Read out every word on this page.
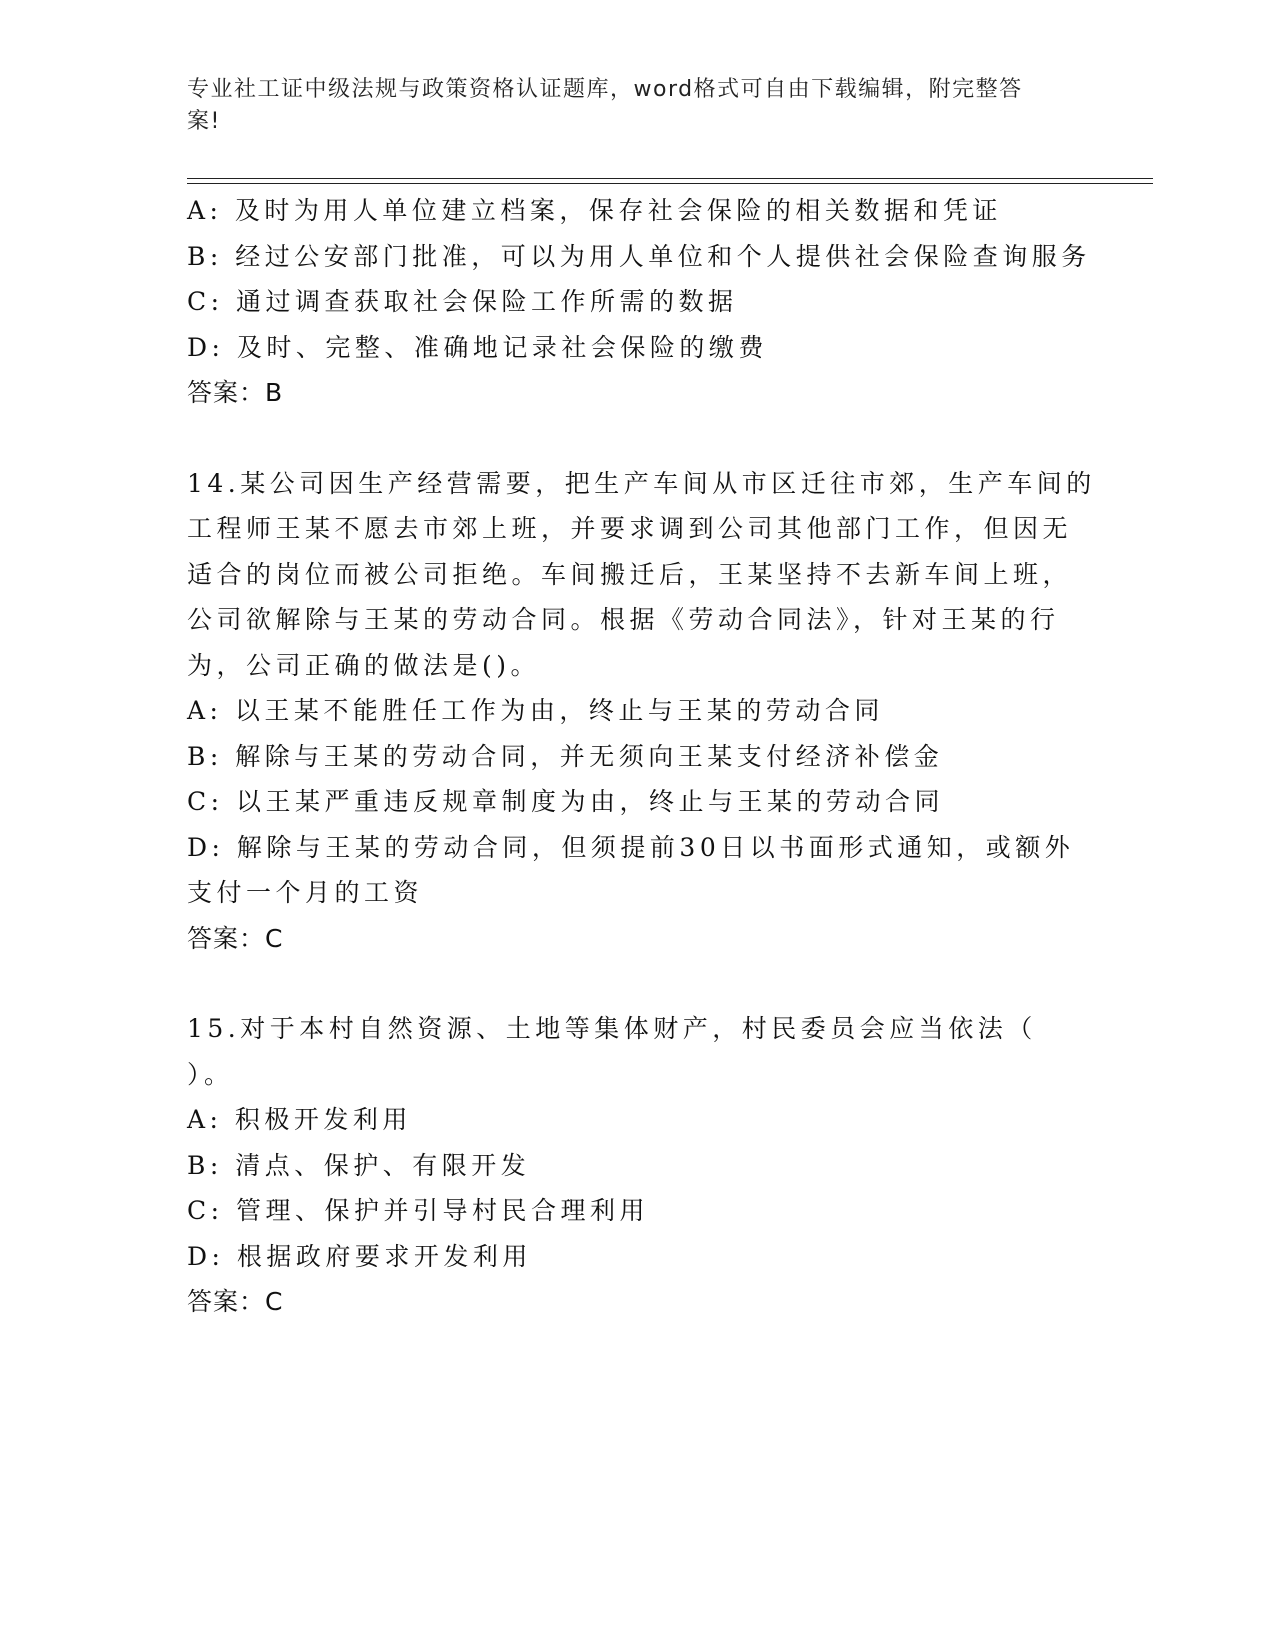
专业社工证中级法规与政策资格认证题库，word格式可自由下载编辑，附完整答
案!
A: 及时为用人单位建立档案，保存社会保险的相关数据和凭证
B: 经过公安部门批准，可以为用人单位和个人提供社会保险查询服务
C: 通过调查获取社会保险工作所需的数据
D: 及时、完整、准确地记录社会保险的缴费
答案：B
14.某公司因生产经营需要，把生产车间从市区迁往市郊，生产车间的
工程师王某不愿去市郊上班，并要求调到公司其他部门工作，但因无
适合的岗位而被公司拒绝。车间搬迁后，王某坚持不去新车间上班，
公司欲解除与王某的劳动合同。根据《劳动合同法》，针对王某的行
为，公司正确的做法是()。
A: 以王某不能胜任工作为由，终止与王某的劳动合同
B: 解除与王某的劳动合同，并无须向王某支付经济补偿金
C: 以王某严重违反规章制度为由，终止与王某的劳动合同
D: 解除与王某的劳动合同，但须提前30日以书面形式通知，或额外
支付一个月的工资
答案：C
15.对于本村自然资源、土地等集体财产，村民委员会应当依法（
）。
A: 积极开发利用
B: 清点、保护、有限开发
C: 管理、保护并引导村民合理利用
D: 根据政府要求开发利用
答案：C
